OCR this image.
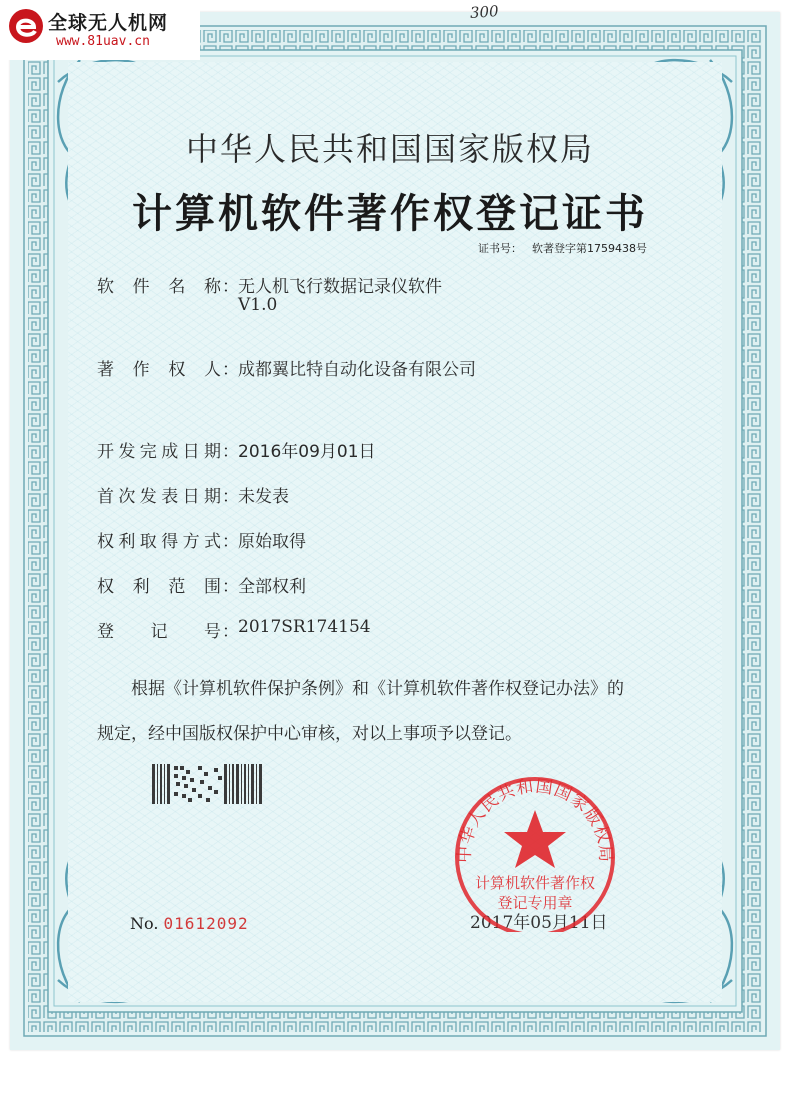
全球无人机网
www.81uav.cn
300
中华人民共和国国家版权局
计算机软件著作权登记证书
证书号： 软著登字第1759438号
软 件 名 称 ： 无人机飞行数据记录仪软件
V1.0
著 作 权 人 ： 成都翼比特自动化设备有限公司
开发完成日期 ： 2016年09月01日
首次发表日期 ： 未发表
权利取得方式 ： 原始取得
权 利 范 围 ： 全部权利
登 记 号 ： 2017SR174154
根据《计算机软件保护条例》和《计算机软件著作权登记办法》的
规定，经中国版权保护中心审核，对以上事项予以登记。
No. 01612092	2017年05月11日
中华人民共和国国家版权局
计算机软件著作权
登记专用章
